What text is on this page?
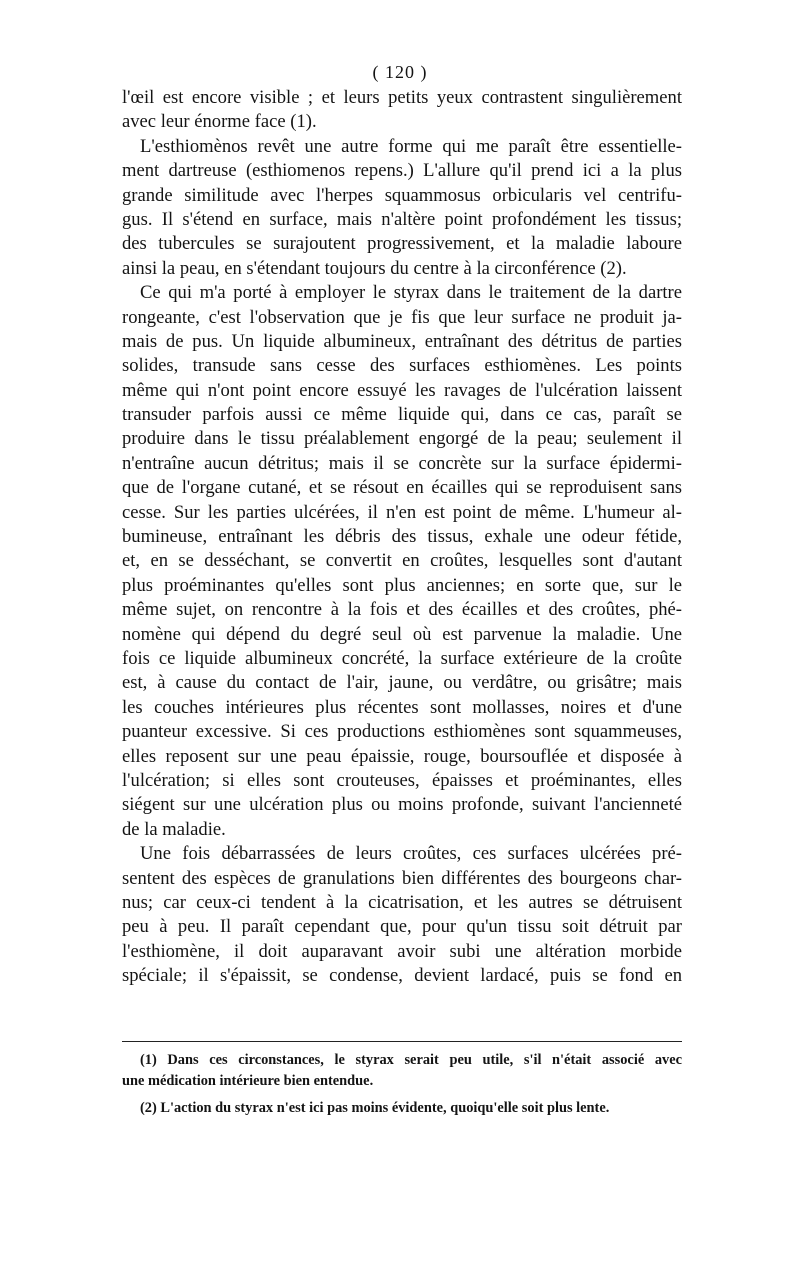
( 120 )
l'œil est encore visible ; et leurs petits yeux contrastent singulièrement
avec leur énorme face (1).
L'esthiomènos revêt une autre forme qui me paraît être essentielle-
ment dartreuse (esthiomenos repens.) L'allure qu'il prend ici a la plus
grande similitude avec l'herpes squammosus orbicularis vel centrifu-
gus. Il s'étend en surface, mais n'altère point profondément les tissus;
des tubercules se surajoutent progressivement, et la maladie laboure
ainsi la peau, en s'étendant toujours du centre à la circonférence (2).
Ce qui m'a porté à employer le styrax dans le traitement de la dartre
rongeante, c'est l'observation que je fis que leur surface ne produit ja-
mais de pus. Un liquide albumineux, entraînant des détritus de parties
solides, transude sans cesse des surfaces esthiomènes. Les points
même qui n'ont point encore essuyé les ravages de l'ulcération laissent
transuder parfois aussi ce même liquide qui, dans ce cas, paraît se
produire dans le tissu préalablement engorgé de la peau; seulement il
n'entraîne aucun détritus; mais il se concrète sur la surface épidermi-
que de l'organe cutané, et se résout en écailles qui se reproduisent sans
cesse. Sur les parties ulcérées, il n'en est point de même. L'humeur al-
bumineuse, entraînant les débris des tissus, exhale une odeur fétide,
et, en se desséchant, se convertit en croûtes, lesquelles sont d'autant
plus proéminantes qu'elles sont plus anciennes; en sorte que, sur le
même sujet, on rencontre à la fois et des écailles et des croûtes, phé-
nomène qui dépend du degré seul où est parvenue la maladie. Une
fois ce liquide albumineux concrété, la surface extérieure de la croûte
est, à cause du contact de l'air, jaune, ou verdâtre, ou grisâtre; mais
les couches intérieures plus récentes sont mollasses, noires et d'une
puanteur excessive. Si ces productions esthiomènes sont squammeuses,
elles reposent sur une peau épaissie, rouge, boursouflée et disposée à
l'ulcération; si elles sont crouteuses, épaisses et proéminantes, elles
siégent sur une ulcération plus ou moins profonde, suivant l'ancienneté
de la maladie.
Une fois débarrassées de leurs croûtes, ces surfaces ulcérées pré-
sentent des espèces de granulations bien différentes des bourgeons char-
nus; car ceux-ci tendent à la cicatrisation, et les autres se détruisent
peu à peu. Il paraît cependant que, pour qu'un tissu soit détruit par
l'esthiomène, il doit auparavant avoir subi une altération morbide
spéciale; il s'épaissit, se condense, devient lardacé, puis se fond en
(1) Dans ces circonstances, le styrax serait peu utile, s'il n'était associé avec
une médication intérieure bien entendue.
(2) L'action du styrax n'est ici pas moins évidente, quoiqu'elle soit plus lente.
